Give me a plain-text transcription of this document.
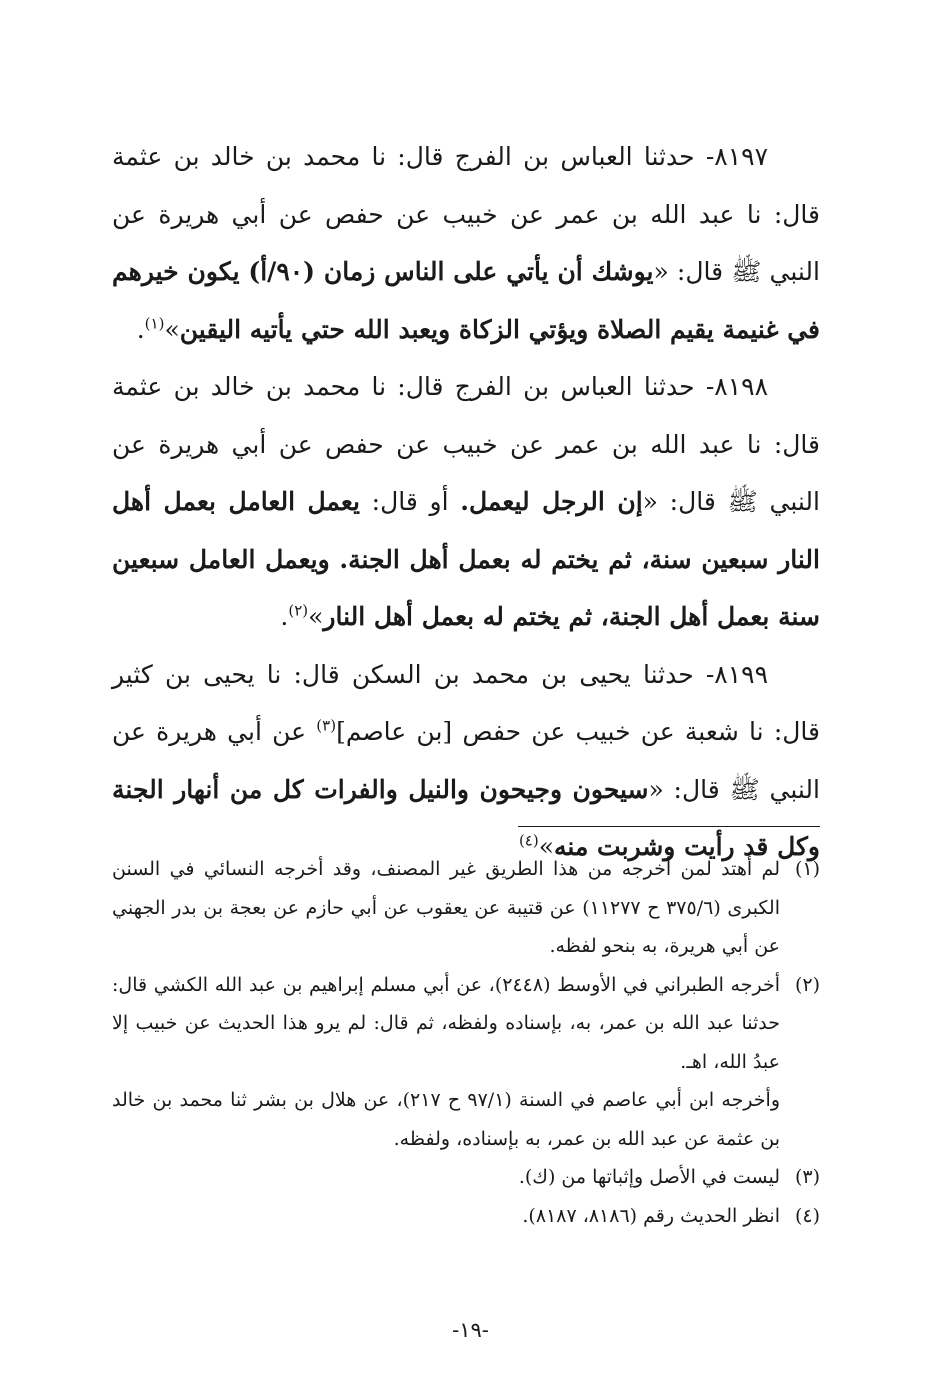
٨١٩٧- حدثنا العباس بن الفرج قال: نا محمد بن خالد بن عثمة قال: نا عبد الله بن عمر عن خبيب عن حفص عن أبي هريرة عن النبي ﷺ قال: «يوشك أن يأتي على الناس زمان (٩٠/أ) يكون خيرهم في غنيمة يقيم الصلاة ويؤتي الزكاة ويعبد الله حتي يأتيه اليقين»$^{(١)}$.

٨١٩٨- حدثنا العباس بن الفرج قال: نا محمد بن خالد بن عثمة قال: نا عبد الله بن عمر عن خبيب عن حفص عن أبي هريرة عن النبي ﷺ قال: «إن الرجل ليعمل. أو قال: يعمل العامل بعمل أهل النار سبعين سنة، ثم يختم له بعمل أهل الجنة. ويعمل العامل سبعين سنة بعمل أهل الجنة، ثم يختم له بعمل أهل النار»$^{(٢)}$.

٨١٩٩- حدثنا يحيى بن محمد بن السكن قال: نا يحيى بن كثير قال: نا شعبة عن خبيب عن حفص [بن عاصم]$^{(٣)}$ عن أبي هريرة عن النبي ﷺ قال: «سيحون وجيحون والنيل والفرات كل من أنهار الجنة وكل قد رأيت وشربت منه»$^{(٤)}$

(١)
لم أهتد لمن أخرجه من هذا الطريق غير المصنف، وقد أخرجه النسائي في السنن الكبرى (٣٧٥/٦ ح ١١٢٧٧) عن قتيبة عن يعقوب عن أبي حازم عن بعجة بن بدر الجهني عن أبي هريرة، به بنحو لفظه.

(٢)
أخرجه الطبراني في الأوسط (٢٤٤٨)، عن أبي مسلم إبراهيم بن عبد الله الكشي قال: حدثنا عبد الله بن عمر، به، بإسناده ولفظه، ثم قال: لم يرو هذا الحديث عن خبيب إلا عبدُ الله، اهـ.

وأخرجه ابن أبي عاصم في السنة (٩٧/١ ح ٢١٧)، عن هلال بن بشر ثنا محمد بن خالد بن عثمة عن عبد الله بن عمر، به بإسناده، ولفظه.

(٣)
ليست في الأصل وإثباتها من (ك).

(٤)
انظر الحديث رقم (٨١٨٦، ٨١٨٧).

-١٩-
